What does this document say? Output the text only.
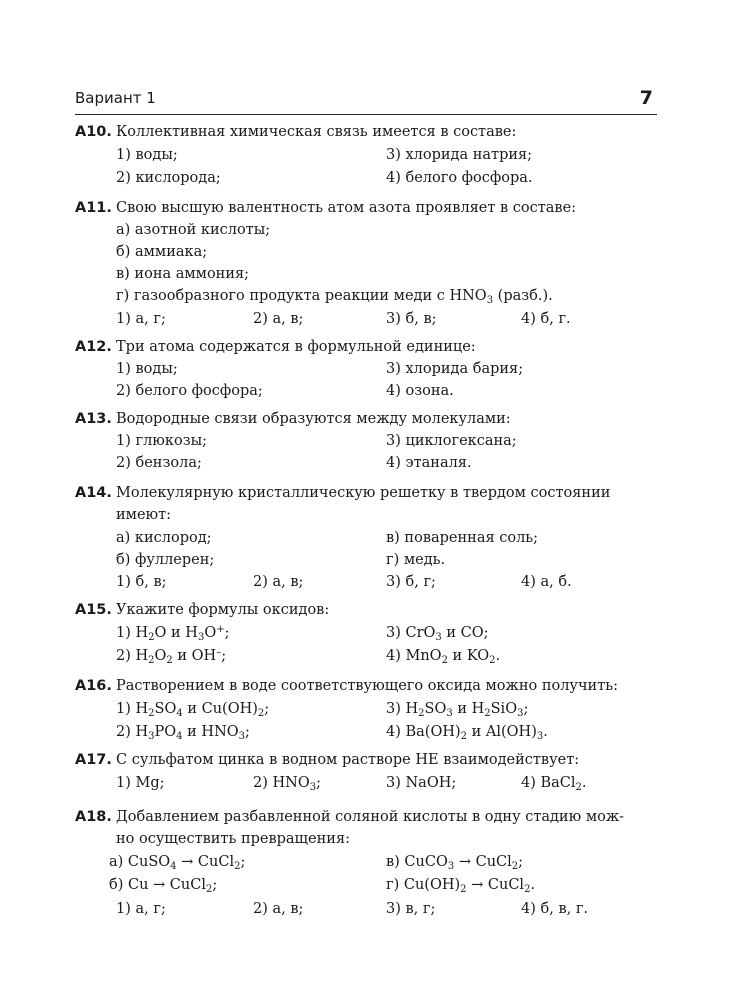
Вариант 1	7
А10. Коллективная химическая связь имеется в составе:
1) воды;	3) хлорида натрия;
2) кислорода;	4) белого фосфора.
А11. Свою высшую валентность атом азота проявляет в составе:
а) азотной кислоты;
б) аммиака;
в) иона аммония;
г) газообразного продукта реакции меди с $HNO_3$ (разб.).
1) а, г;	2) а, в;	3) б, в;	4) б, г.
А12. Три атома содержатся в формульной единице:
1) воды;	3) хлорида бария;
2) белого фосфора;	4) озона.
А13. Водородные связи образуются между молекулами:
1) глюкозы;	3) циклогексана;
2) бензола;	4) этаналя.
А14. Молекулярную кристаллическую решетку в твердом состоянии
имеют:
а) кислород;	в) поваренная соль;
б) фуллерен;	г) медь.
1) б, в;	2) а, в;	3) б, г;	4) а, б.
А15. Укажите формулы оксидов:
1) $H_2O$ и $H_3O^+$;	3) CrO$_3$ и CO;
2) $H_2O_2$ и OH–;	4) MnO$_2$ и $KO_2$.
А16. Растворением в воде соответствующего оксида можно получить:
1) $H_2SO_4$ и $Cu(OH)_2$;	3) $H_2SO_3$ и $H_2SiO_3$;
2) $H_3PO_4$ и $HNO_3$;	4) $Ba(OH)_2$ и $Al(OH)_3$.
А17. С сульфатом цинка в водном растворе НЕ взаимодействует:
1) Mg;	2) $HNO_3$;	3) NaOH;	4) BaCl$_2$.
А18. Добавлением разбавленной соляной кислоты в одну стадию мож-
но осуществить превращения:
а) CuSO$_4$ → CuCl$_2$;	в) CuCO$_3$ → CuCl$_2$;
б) Cu → CuCl$_2$;	г) $Cu(OH)_2$ → CuCl$_2$.
1) а, г;	2) а, в;	3) в, г;	4) б, в, г.
